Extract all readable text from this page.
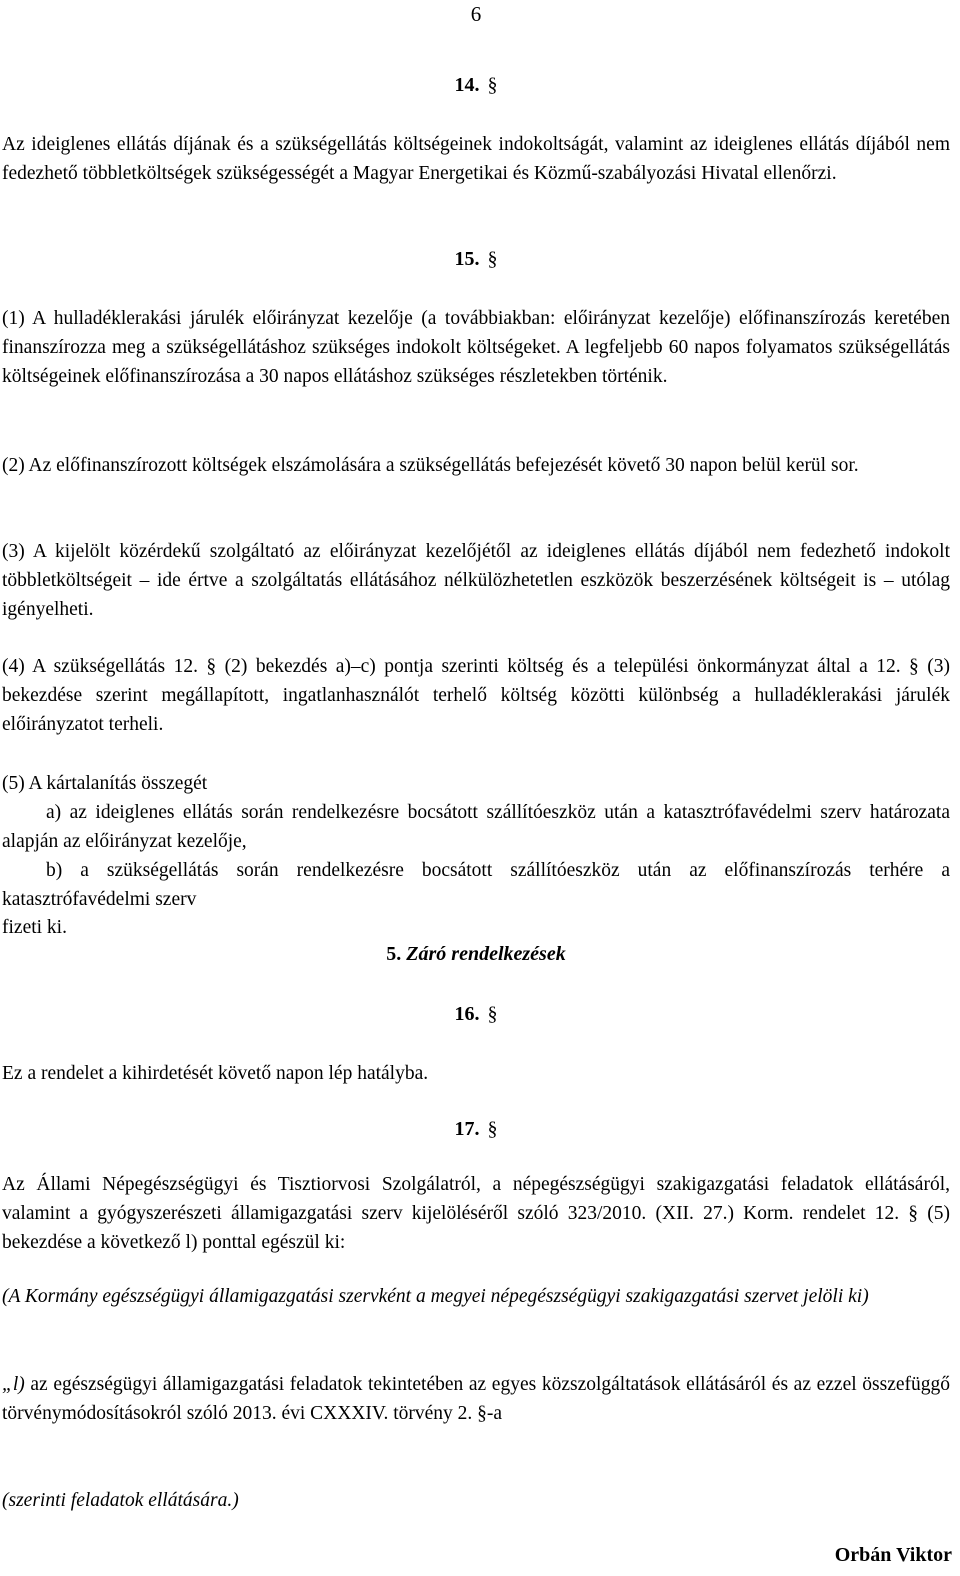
6
14. §

Az ideiglenes ellátás díjának és a szükségellátás költségeinek indokoltságát, valamint az ideiglenes ellátás díjából nem fedezhető többletköltségek szükségességét a Magyar Energetikai és Közmű-szabályozási Hivatal ellenőrzi.

15. §

(1) A hulladéklerakási járulék előirányzat kezelője (a továbbiakban: előirányzat kezelője) előfinanszírozás keretében finanszírozza meg a szükségellátáshoz szükséges indokolt költségeket. A legfeljebb 60 napos folyamatos szükségellátás költségeinek előfinanszírozása a 30 napos ellátáshoz szükséges részletekben történik.

(2) Az előfinanszírozott költségek elszámolására a szükségellátás befejezését követő 30 napon belül kerül sor.

(3) A kijelölt közérdekű szolgáltató az előirányzat kezelőjétől az ideiglenes ellátás díjából nem fedezhető indokolt többletköltségeit – ide értve a szolgáltatás ellátásához nélkülözhetetlen eszközök beszerzésének költségeit is – utólag igényelheti.

(4) A szükségellátás 12. § (2) bekezdés a)–c) pontja szerinti költség és a települési önkormányzat által a 12. § (3) bekezdése szerint megállapított, ingatlanhasználót terhelő költség közötti különbség a hulladéklerakási járulék előirányzatot terheli.

(5) A kártalanítás összegét

a) az ideiglenes ellátás során rendelkezésre bocsátott szállítóeszköz után a katasztrófavédelmi szerv határozata alapján az előirányzat kezelője,

b) a szükségellátás során rendelkezésre bocsátott szállítóeszköz után az előfinanszírozás terhére a katasztrófavédelmi szerv

fizeti ki.

5. Záró rendelkezések
16. §

Ez a rendelet a kihirdetését követő napon lép hatályba.

17. §

Az Állami Népegészségügyi és Tisztiorvosi Szolgálatról, a népegészségügyi szakigazgatási feladatok ellátásáról, valamint a gyógyszerészeti államigazgatási szerv kijelöléséről szóló 323/2010. (XII. 27.) Korm. rendelet 12. § (5) bekezdése a következő l) ponttal egészül ki:

(A Kormány egészségügyi államigazgatási szervként a megyei népegészségügyi szakigazgatási szervet jelöli ki)

„l) az egészségügyi államigazgatási feladatok tekintetében az egyes közszolgáltatások ellátásáról és az ezzel összefüggő törvénymódosításokról szóló 2013. évi CXXXIV. törvény 2. §-a

(szerinti feladatok ellátására.)

Orbán Viktor
